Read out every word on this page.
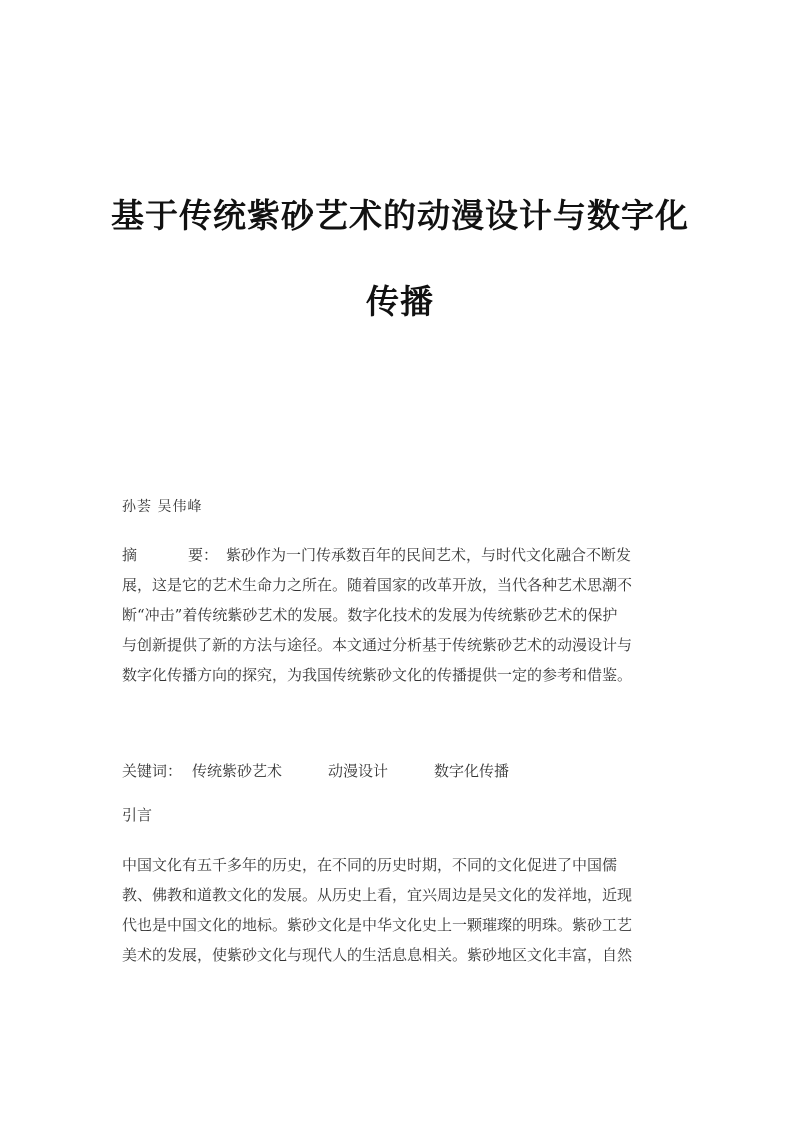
基于传统紫砂艺术的动漫设计与数字化
传播
孙荟 吴伟峰
摘	要： 紫砂作为一门传承数百年的民间艺术，与时代文化融合不断发
展，这是它的艺术生命力之所在。随着国家的改革开放，当代各种艺术思潮不
断“冲击”着传统紫砂艺术的发展。数字化技术的发展为传统紫砂艺术的保护
与创新提供了新的方法与途径。本文通过分析基于传统紫砂艺术的动漫设计与
数字化传播方向的探究，为我国传统紫砂文化的传播提供一定的参考和借鉴。
关键词： 传统紫砂艺术	动漫设计	数字化传播
引言
中国文化有五千多年的历史，在不同的历史时期，不同的文化促进了中国儒
教、佛教和道教文化的发展。从历史上看，宜兴周边是吴文化的发祥地，近现
代也是中国文化的地标。紫砂文化是中华文化史上一颗璀璨的明珠。紫砂工艺
美术的发展，使紫砂文化与现代人的生活息息相关。紫砂地区文化丰富，自然
